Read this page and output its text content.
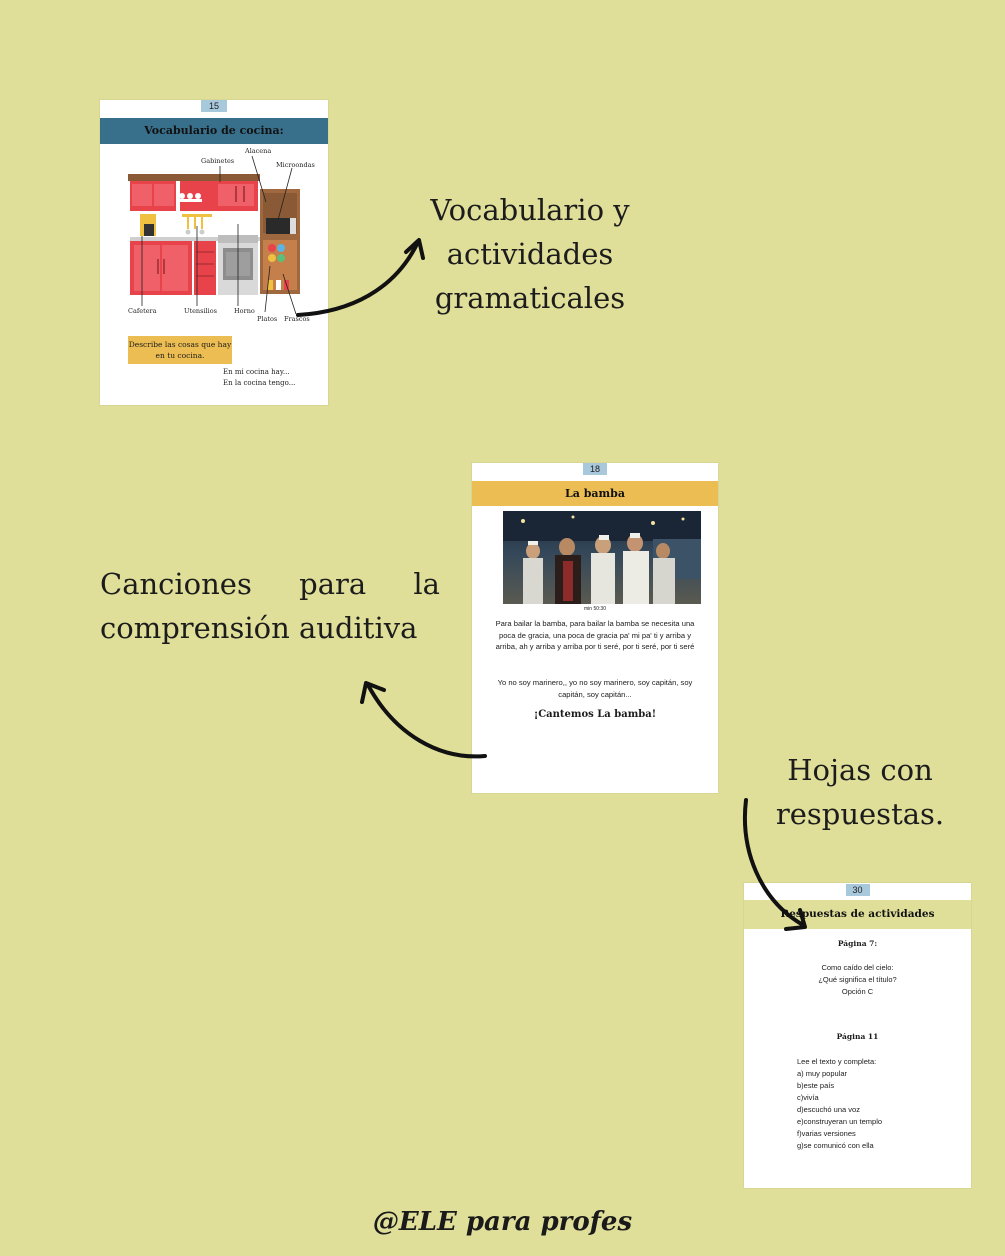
15
Vocabulario de cocina:
Alacena
Gabinetes	Microondas
Cafetera	Utensilios	Horno
Platos Frascos
Describe las cosas que hay en tu cocina.
En mi cocina hay...
En la cocina tengo...
18
La bamba
min 50:30
Para bailar la bamba, para bailar la bamba se necesita una poca de gracia, una poca de gracia pa' mi pa' ti y arriba y arriba, ah y arriba y arriba por ti seré, por ti seré, por ti seré
Yo no soy marinero,, yo no soy marinero, soy capitán, soy capitán, soy capitán...
¡Cantemos La bamba!
30
Respuestas de actividades
Página 7:
Como caído del cielo:
¿Qué significa el título?
Opción C
Página 11
Lee el texto y completa:
a) muy popular
b)este país
c)vivía
d)escuchó una voz
e)construyeran un templo
f)varias versiones
g)se comunicó con ella
Vocabulario y
actividades
gramaticales
Canciones para la
comprensión auditiva
Hojas con
respuestas.
@ELE para profes
